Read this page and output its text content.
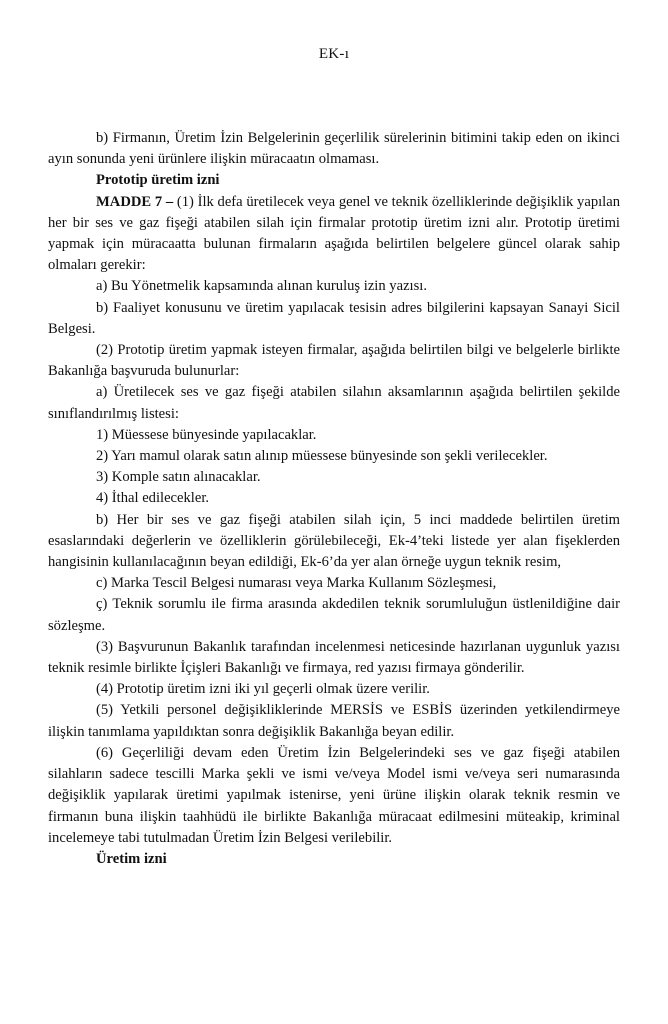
EK-ı

b) Firmanın, Üretim İzin Belgelerinin geçerlilik sürelerinin bitimini takip eden on ikinci ayın sonunda yeni ürünlere ilişkin müracaatın olmaması.

Prototip üretim izni

MADDE 7 – (1) İlk defa üretilecek veya genel ve teknik özelliklerinde değişiklik yapılan her bir ses ve gaz fişeği atabilen silah için firmalar prototip üretim izni alır. Prototip üretimi yapmak için müracaatta bulunan firmaların aşağıda belirtilen belgelere güncel olarak sahip olmaları gerekir:

a) Bu Yönetmelik kapsamında alınan kuruluş izin yazısı.

b) Faaliyet konusunu ve üretim yapılacak tesisin adres bilgilerini kapsayan Sanayi Sicil Belgesi.

(2) Prototip üretim yapmak isteyen firmalar, aşağıda belirtilen bilgi ve belgelerle birlikte Bakanlığa başvuruda bulunurlar:

a) Üretilecek ses ve gaz fişeği atabilen silahın aksamlarının aşağıda belirtilen şekilde sınıflandırılmış listesi:

1) Müessese bünyesinde yapılacaklar.

2) Yarı mamul olarak satın alınıp müessese bünyesinde son şekli verilecekler.

3) Komple satın alınacaklar.

4) İthal edilecekler.

b) Her bir ses ve gaz fişeği atabilen silah için, 5 inci maddede belirtilen üretim esaslarındaki değerlerin ve özelliklerin görülebileceği, Ek-4’teki listede yer alan fişeklerden hangisinin kullanılacağının beyan edildiği, Ek-6’da yer alan örneğe uygun teknik resim,

c) Marka Tescil Belgesi numarası veya Marka Kullanım Sözleşmesi,

ç) Teknik sorumlu ile firma arasında akdedilen teknik sorumluluğun üstlenildiğine dair sözleşme.

(3) Başvurunun Bakanlık tarafından incelenmesi neticesinde hazırlanan uygunluk yazısı teknik resimle birlikte İçişleri Bakanlığı ve firmaya, red yazısı firmaya gönderilir.

(4) Prototip üretim izni iki yıl geçerli olmak üzere verilir.

(5) Yetkili personel değişikliklerinde MERSİS ve ESBİS üzerinden yetkilendirmeye ilişkin tanımlama yapıldıktan sonra değişiklik Bakanlığa beyan edilir.

(6) Geçerliliği devam eden Üretim İzin Belgelerindeki ses ve gaz fişeği atabilen silahların sadece tescilli Marka şekli ve ismi ve/veya Model ismi ve/veya seri numarasında değişiklik yapılarak üretimi yapılmak istenirse, yeni ürüne ilişkin olarak teknik resmin ve firmanın buna ilişkin taahhüdü ile birlikte Bakanlığa müracaat edilmesini müteakip, kriminal incelemeye tabi tutulmadan Üretim İzin Belgesi verilebilir.

Üretim izni
